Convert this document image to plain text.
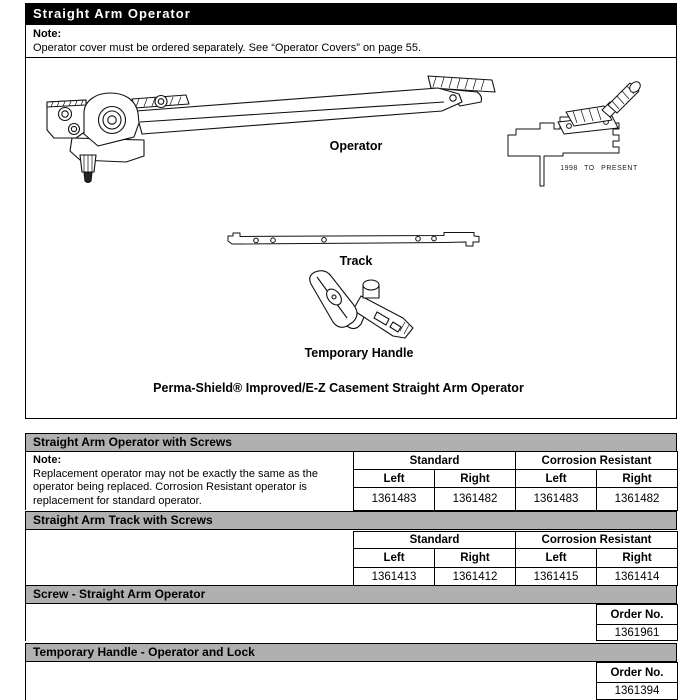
Straight Arm Operator
Note:
Operator cover must be ordered separately. See “Operator Covers” on page 55.
Operator
1998 TO PRESENT
Track
Temporary Handle
Perma-Shield® Improved/E-Z Casement Straight Arm Operator
Straight Arm Operator with Screws
Note:
Replacement operator may not be exactly the same as the operator being replaced. Corrosion Resistant operator is replacement for standard operator.
Standard		Corrosion Resistant	
Left	Right	Left	Right
1361483	1361482	1361483	1361482
Straight Arm Track with Screws
Standard		Corrosion Resistant	
Left	Right	Left	Right
1361413	1361412	1361415	1361414
Screw - Straight Arm Operator
Order No.
1361961
Temporary Handle - Operator and Lock
Order No.
1361394
